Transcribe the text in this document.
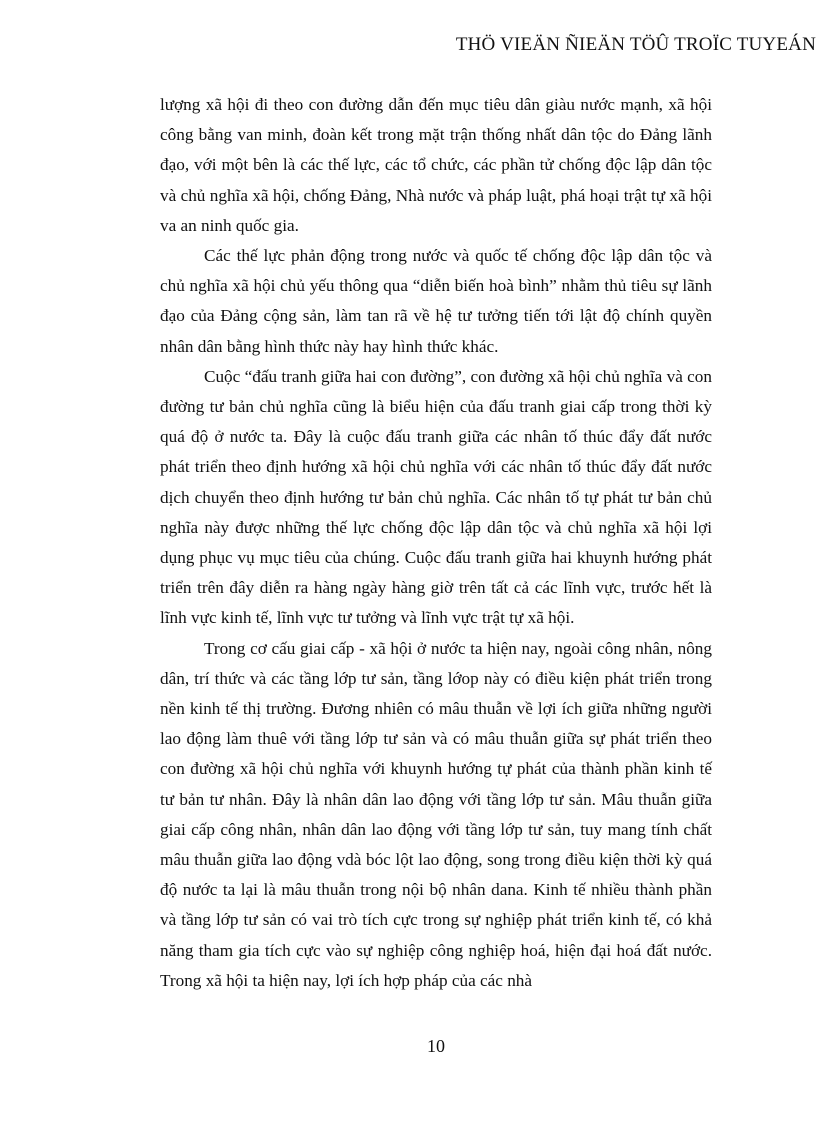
THÖ VIEÄN ÑIEÄN TÖÛ TROÏC TUYEÁN

lượng xã hội đi theo con đường dẫn đến mục tiêu dân giàu nước mạnh, xã hội công bằng van minh, đoàn kết trong mặt trận thống nhất dân tộc do Đảng lãnh đạo, với một bên là các thế lực, các tổ chức, các phần tử chống độc lập dân tộc và chủ nghĩa xã hội, chống Đảng, Nhà nước và pháp luật, phá hoại trật tự xã hội va an ninh quốc gia.

Các thế lực phản động trong nước và quốc tế chống độc lập dân tộc và chủ nghĩa xã hội chủ yếu thông qua “diễn biến hoà bình” nhằm thủ tiêu sự lãnh đạo của Đảng cộng sản, làm tan rã về hệ tư tưởng tiến tới lật độ chính quyền nhân dân bằng hình thức này hay hình thức khác.

Cuộc “đấu tranh giữa hai con đường”, con đường xã hội chủ nghĩa và con đường tư bản chủ nghĩa cũng là biểu hiện của đấu tranh giai cấp trong thời kỳ quá độ ở nước ta. Đây là cuộc đấu tranh giữa các nhân tố thúc đẩy đất nước phát triển theo định hướng xã hội chủ nghĩa với các nhân tố thúc đẩy đất nước dịch chuyển theo định hướng tư bản chủ nghĩa. Các nhân tố tự phát tư bản chủ nghĩa này được những thế lực chống độc lập dân tộc và chủ nghĩa xã hội lợi dụng phục vụ mục tiêu của chúng. Cuộc đấu tranh giữa hai khuynh hướng phát triển trên đây diễn ra hàng ngày hàng giờ trên tất cả các lĩnh vực, trước hết là lĩnh vực kinh tế, lĩnh vực tư tưởng và lĩnh vực trật tự xã hội.

Trong cơ cấu giai cấp - xã hội ở nước ta hiện nay, ngoài công nhân, nông dân, trí thức và các tầng lớp tư sản, tầng lớop này có điều kiện phát triển trong nền kinh tế thị trường. Đương nhiên có mâu thuẫn về lợi ích giữa những người lao động làm thuê với tầng lớp tư sản và có mâu thuẫn giữa sự phát triển theo con đường xã hội chủ nghĩa với khuynh hướng tự phát của thành phần kinh tế tư bản tư nhân. Đây là nhân dân lao động với tầng lớp tư sản. Mâu thuẫn giữa giai cấp công nhân, nhân dân lao động với tầng lớp tư sản, tuy mang tính chất mâu thuẫn giữa lao động vdà bóc lột lao động, song trong điều kiện thời kỳ quá độ nước ta lại là mâu thuẫn trong nội bộ nhân dana. Kinh tế nhiều thành phần và tầng lớp tư sản có vai trò tích cực trong sự nghiệp phát triển kinh tế, có khả năng tham gia tích cực vào sự nghiệp công nghiệp hoá, hiện đại hoá đất nước. Trong xã hội ta hiện nay, lợi ích hợp pháp của các nhà

10
